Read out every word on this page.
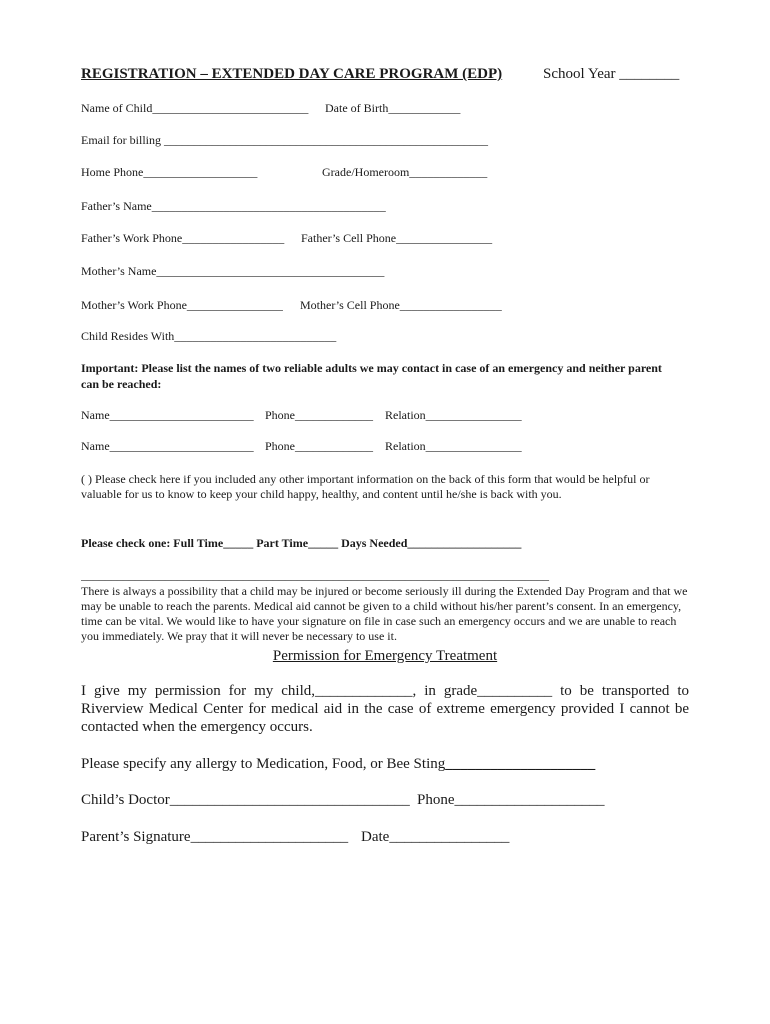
REGISTRATION – EXTENDED DAY CARE PROGRAM (EDP)	School Year ________
Name of Child__________________________ Date of Birth____________
Email for billing ______________________________________________________
Home Phone___________________	Grade/Homeroom_____________
Father’s Name_______________________________________
Father’s Work Phone_________________ Father’s Cell Phone________________
Mother’s Name______________________________________
Mother’s Work Phone________________ Mother’s Cell Phone_________________
Child Resides With___________________________
Important: Please list the names of two reliable adults we may contact in case of an emergency and neither parent can be reached:
Name________________________ Phone_____________ Relation________________
Name________________________ Phone_____________ Relation________________
( ) Please check here if you included any other important information on the back of this form that would be helpful or valuable for us to know to keep your child happy, healthy, and content until he/she is back with you.
Please check one: Full Time_____ Part Time_____ Days Needed___________________
______________________________________________________________________________
There is always a possibility that a child may be injured or become seriously ill during the Extended Day Program and that we may be unable to reach the parents. Medical aid cannot be given to a child without his/her parent’s consent. In an emergency, time can be vital. We would like to have your signature on file in case such an emergency occurs and we are unable to reach you immediately. We pray that it will never be necessary to use it.
Permission for Emergency Treatment
I give my permission for my child,_____________, in grade__________ to be transported to Riverview Medical Center for medical aid in the case of extreme emergency provided I cannot be contacted when the emergency occurs.
Please specify any allergy to Medication, Food, or Bee Sting____________________
Child’s Doctor________________________________ Phone____________________
Parent’s Signature_____________________ Date________________
